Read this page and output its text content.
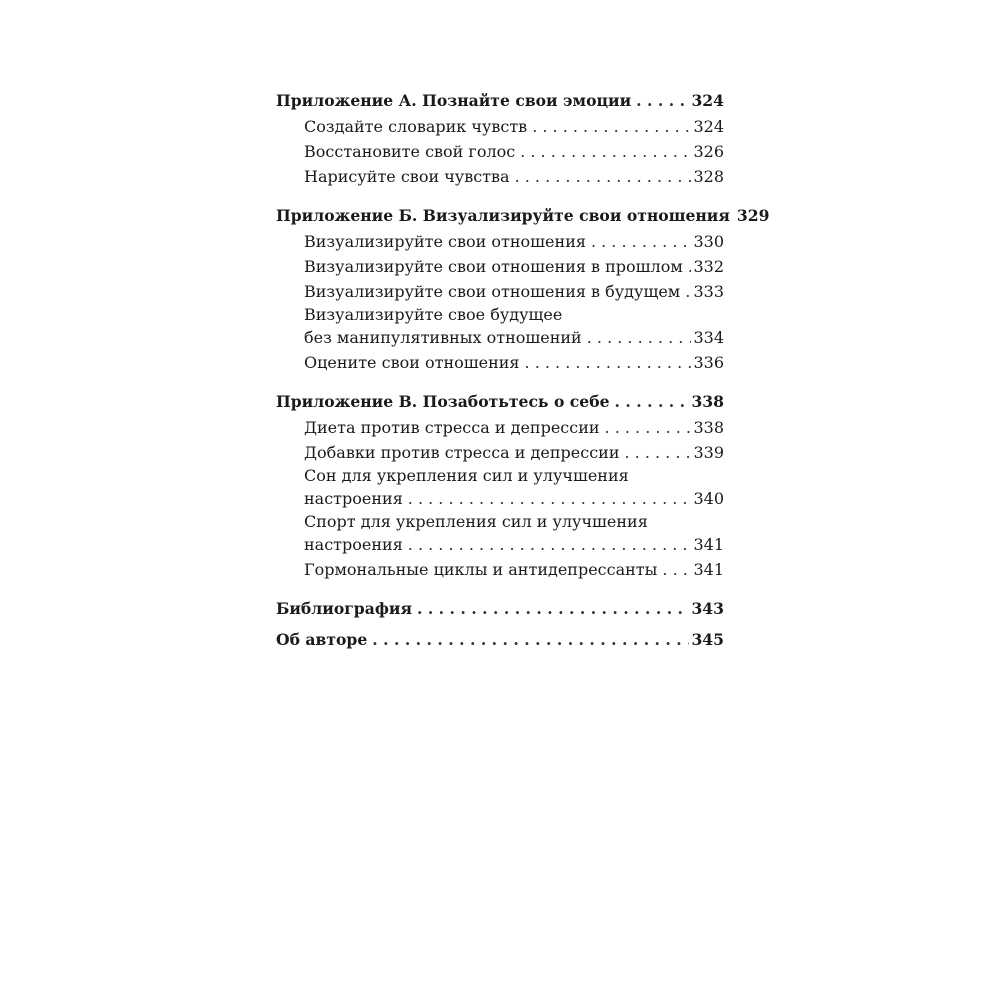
Приложение А. Познайте свои эмоции . . .	324
Создайте словарик чувств . . .	324
Восстановите свой голос . . .	326
Нарисуйте свои чувства . . .	328
Приложение Б. Визуализируйте свои отношения 329
Визуализируйте свои отношения . . .	330
Визуализируйте свои отношения в прошлом . . . 332
Визуализируйте свои отношения в будущем . . . 333
Визуализируйте свое будущее
без манипулятивных отношений . . .	334
Оцените свои отношения . . .	336
Приложение В. Позаботьтесь о себе . . .	338
Диета против стресса и депрессии . . .	338
Добавки против стресса и депрессии . . .	339
Сон для укрепления сил и улучшения
настроения . . .	340
Спорт для укрепления сил и улучшения
настроения . . .	341
Гормональные циклы и антидепрессанты . . . 341
Библиография . . .	343
Об авторе . . .	345
